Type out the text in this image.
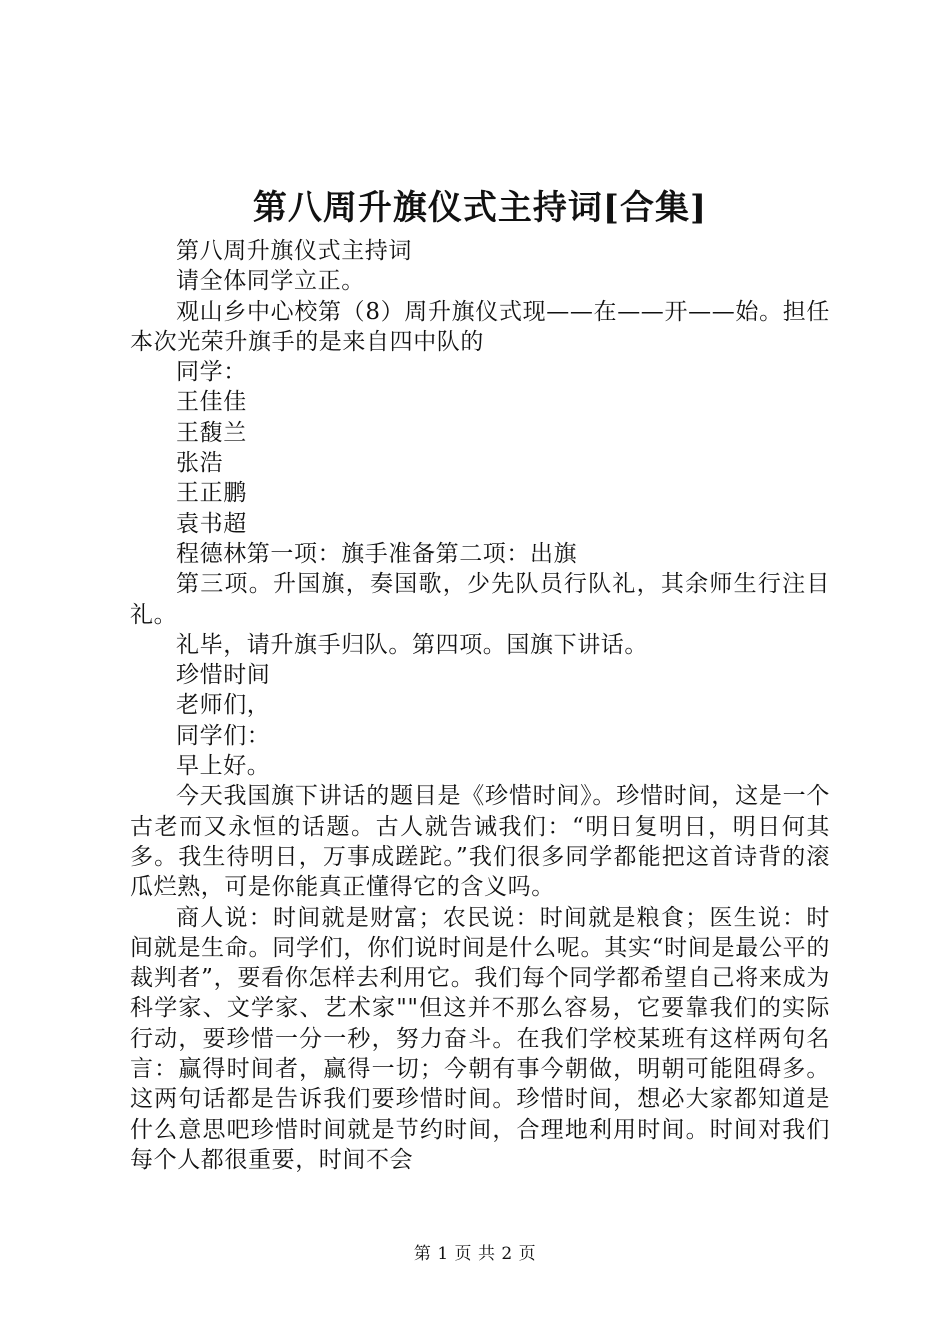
第八周升旗仪式主持词[合集]

第八周升旗仪式主持词

请全体同学立正。

观山乡中心校第（8）周升旗仪式现——在——开——始。担任本次光荣升旗手的是来自四中队的

同学：

王佳佳

王馥兰

张浩

王正鹏

袁书超

程德林第一项：旗手准备第二项：出旗

第三项。升国旗，奏国歌，少先队员行队礼，其余师生行注目礼。

礼毕，请升旗手归队。第四项。国旗下讲话。

珍惜时间

老师们，

同学们：

早上好。

今天我国旗下讲话的题目是《珍惜时间》。珍惜时间，这是一个古老而又永恒的话题。古人就告诫我们：“明日复明日，明日何其多。我生待明日，万事成蹉跎。”我们很多同学都能把这首诗背的滚瓜烂熟，可是你能真正懂得它的含义吗。

商人说：时间就是财富；农民说：时间就是粮食；医生说：时间就是生命。同学们，你们说时间是什么呢。其实“时间是最公平的裁判者”，要看你怎样去利用它。我们每个同学都希望自己将来成为科学家、文学家、艺术家""但这并不那么容易，它要靠我们的实际行动，要珍惜一分一秒，努力奋斗。在我们学校某班有这样两句名言：赢得时间者，赢得一切；今朝有事今朝做，明朝可能阻碍多。这两句话都是告诉我们要珍惜时间。珍惜时间，想必大家都知道是什么意思吧珍惜时间就是节约时间，合理地利用时间。时间对我们每个人都很重要，时间不会

第 1 页 共 2 页
